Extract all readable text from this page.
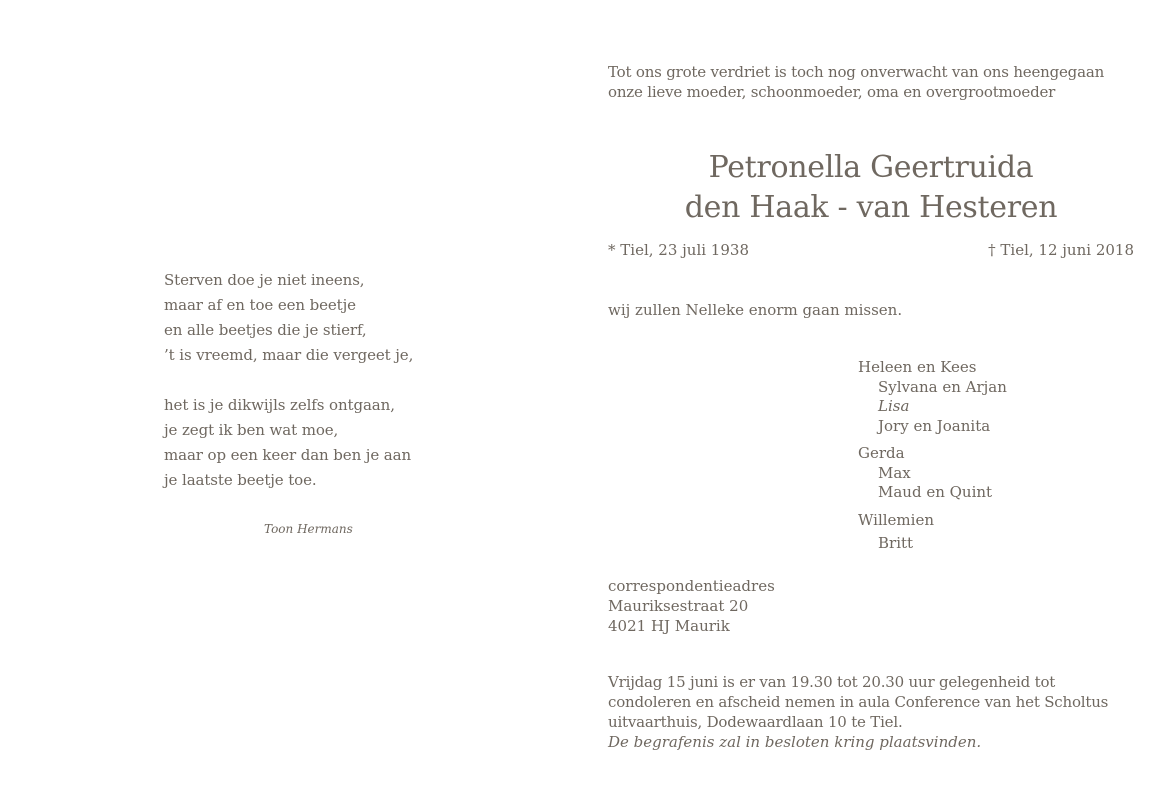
Sterven doe je niet ineens,
maar af en toe een beetje
en alle beetjes die je stierf,
’t is vreemd, maar die vergeet je,
het is je dikwijls zelfs ontgaan,
je zegt ik ben wat moe,
maar op een keer dan ben je aan
je laatste beetje toe.
Toon Hermans
Tot ons grote verdriet is toch nog onverwacht van ons heengegaan onze lieve moeder, schoonmoeder, oma en overgrootmoeder
Petronella Geertruida
den Haak - van Hesteren
* Tiel, 23 juli 1938	† Tiel, 12 juni 2018
wij zullen Nelleke enorm gaan missen.
Heleen en Kees
Sylvana en Arjan
Lisa
Jory en Joanita
Gerda
Max
Maud en Quint
Willemien
Britt
correspondentieadres
Mauriksestraat 20
4021 HJ Maurik
Vrijdag 15 juni is er van 19.30 tot 20.30 uur gelegenheid tot condoleren en afscheid nemen in aula Conference van het Scholtus uitvaarthuis, Dodewaardlaan 10 te Tiel.
De begrafenis zal in besloten kring plaatsvinden.
